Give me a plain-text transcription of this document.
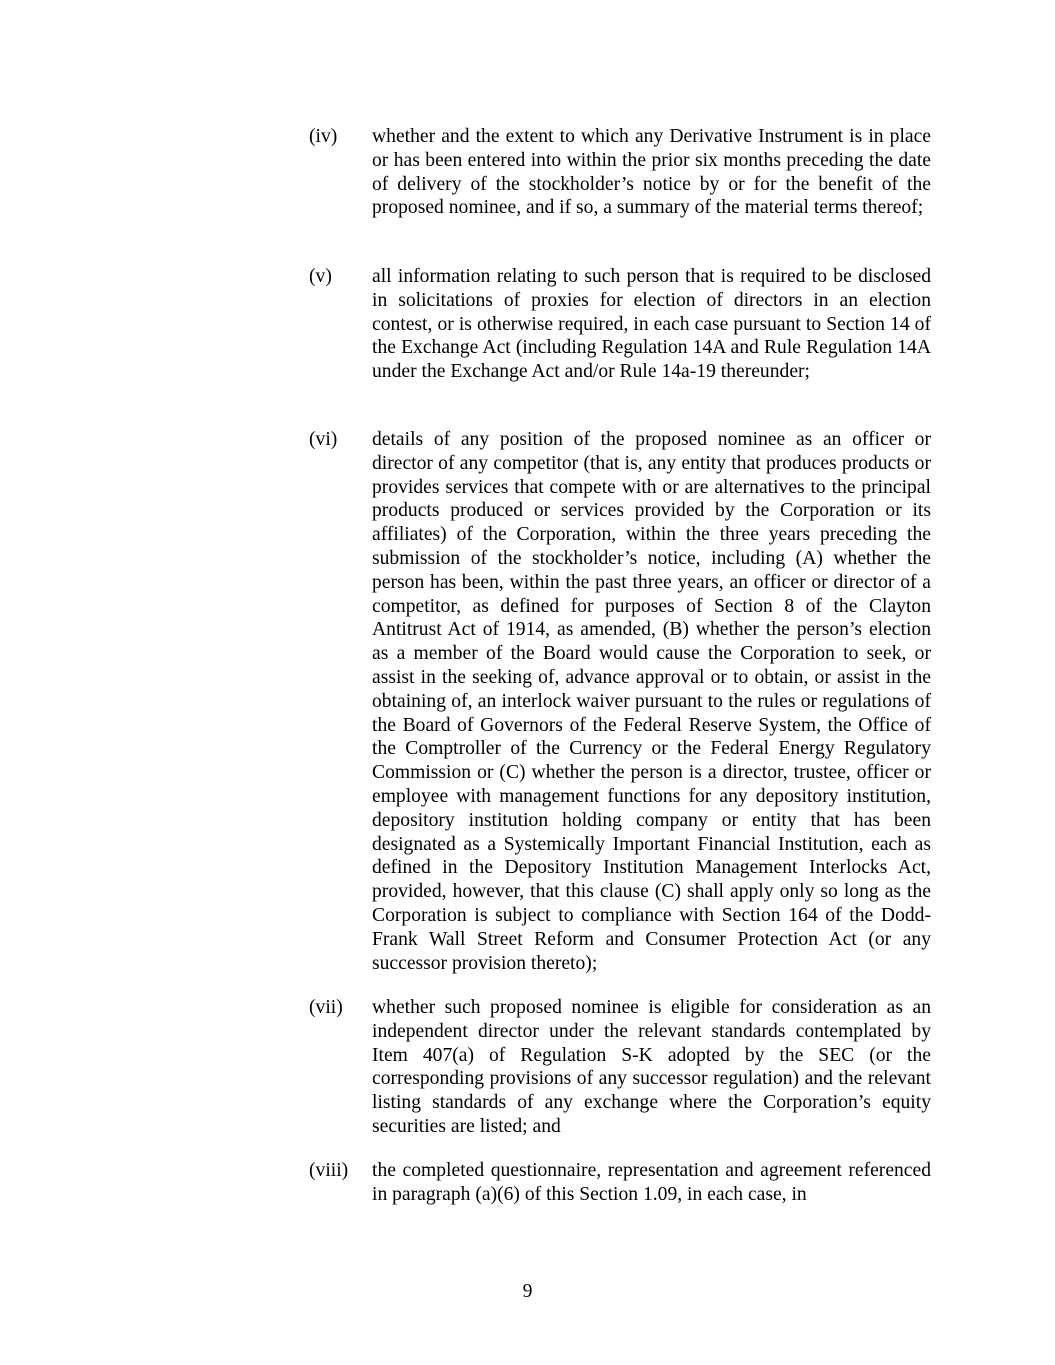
(iv) whether and the extent to which any Derivative Instrument is in place or has been entered into within the prior six months preceding the date of delivery of the stockholder’s notice by or for the benefit of the proposed nominee, and if so, a summary of the material terms thereof;
(v) all information relating to such person that is required to be disclosed in solicitations of proxies for election of directors in an election contest, or is otherwise required, in each case pursuant to Section 14 of the Exchange Act (including Regulation 14A and Rule Regulation 14A under the Exchange Act and/or Rule 14a-19 thereunder;
(vi) details of any position of the proposed nominee as an officer or director of any competitor (that is, any entity that produces products or provides services that compete with or are alternatives to the principal products produced or services provided by the Corporation or its affiliates) of the Corporation, within the three years preceding the submission of the stockholder’s notice, including (A) whether the person has been, within the past three years, an officer or director of a competitor, as defined for purposes of Section 8 of the Clayton Antitrust Act of 1914, as amended, (B) whether the person’s election as a member of the Board would cause the Corporation to seek, or assist in the seeking of, advance approval or to obtain, or assist in the obtaining of, an interlock waiver pursuant to the rules or regulations of the Board of Governors of the Federal Reserve System, the Office of the Comptroller of the Currency or the Federal Energy Regulatory Commission or (C) whether the person is a director, trustee, officer or employee with management functions for any depository institution, depository institution holding company or entity that has been designated as a Systemically Important Financial Institution, each as defined in the Depository Institution Management Interlocks Act, provided, however, that this clause (C) shall apply only so long as the Corporation is subject to compliance with Section 164 of the Dodd-Frank Wall Street Reform and Consumer Protection Act (or any successor provision thereto);
(vii) whether such proposed nominee is eligible for consideration as an independent director under the relevant standards contemplated by Item 407(a) of Regulation S-K adopted by the SEC (or the corresponding provisions of any successor regulation) and the relevant listing standards of any exchange where the Corporation’s equity securities are listed; and
(viii) the completed questionnaire, representation and agreement referenced in paragraph (a)(6) of this Section 1.09, in each case, in
9
